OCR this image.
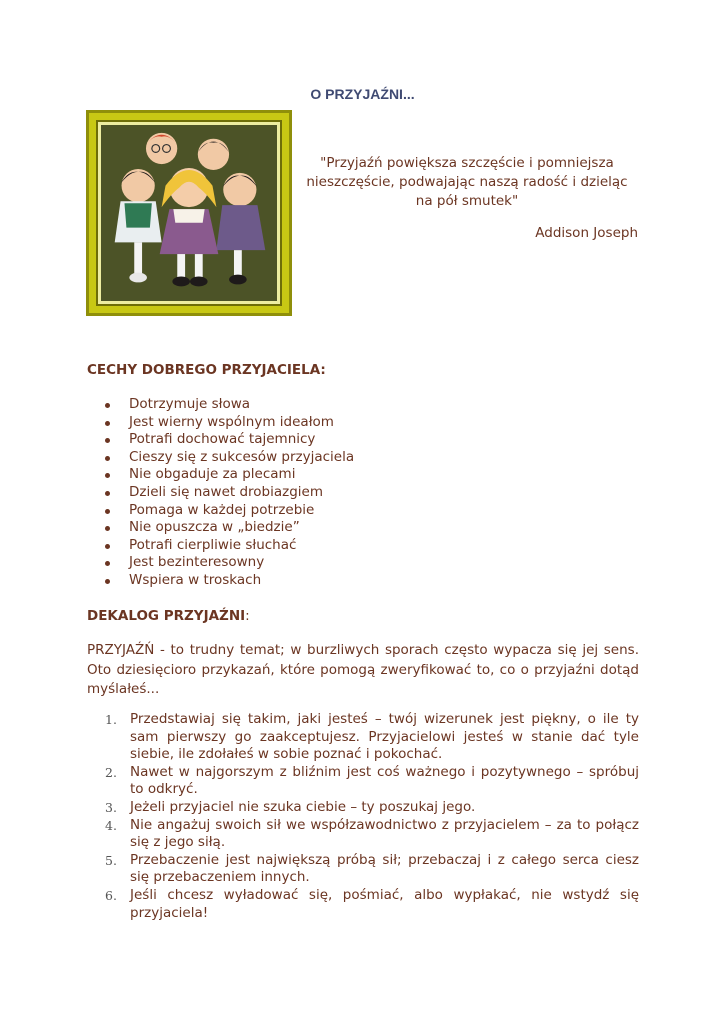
O PRZYJAŹNI...
"Przyjaźń powiększa szczęście i pomniejsza nieszczęście, podwajając naszą radość i dzieląc na pół smutek"
Addison Joseph
CECHY DOBREGO PRZYJACIELA:
Dotrzymuje słowa
Jest wierny wspólnym ideałom
Potrafi dochować tajemnicy
Cieszy się z sukcesów przyjaciela
Nie obgaduje za plecami
Dzieli się nawet drobiazgiem
Pomaga w każdej potrzebie
Nie opuszcza w „biedzie”
Potrafi cierpliwie słuchać
Jest bezinteresowny
Wspiera w troskach
DEKALOG PRZYJAŹNI:

PRZYJAŹŃ - to trudny temat; w burzliwych sporach często wypacza się jej sens. Oto dziesięcioro przykazań, które pomogą zweryfikować to, co o przyjaźni dotąd myślałeś...

1. Przedstawiaj się takim, jaki jesteś – twój wizerunek jest piękny, o ile ty sam pierwszy go zaakceptujesz. Przyjacielowi jesteś w stanie dać tyle siebie, ile zdołałeś w sobie poznać i pokochać.
2. Nawet w najgorszym z bliźnim jest coś ważnego i pozytywnego – spróbuj to odkryć.
3. Jeżeli przyjaciel nie szuka ciebie – ty poszukaj jego.
4. Nie angażuj swoich sił we współzawodnictwo z przyjacielem – za to połącz się z jego siłą.
5. Przebaczenie jest największą próbą sił; przebaczaj i z całego serca ciesz się przebaczeniem innych.
6. Jeśli chcesz wyładować się, pośmiać, albo wypłakać, nie wstydź się przyjaciela!
